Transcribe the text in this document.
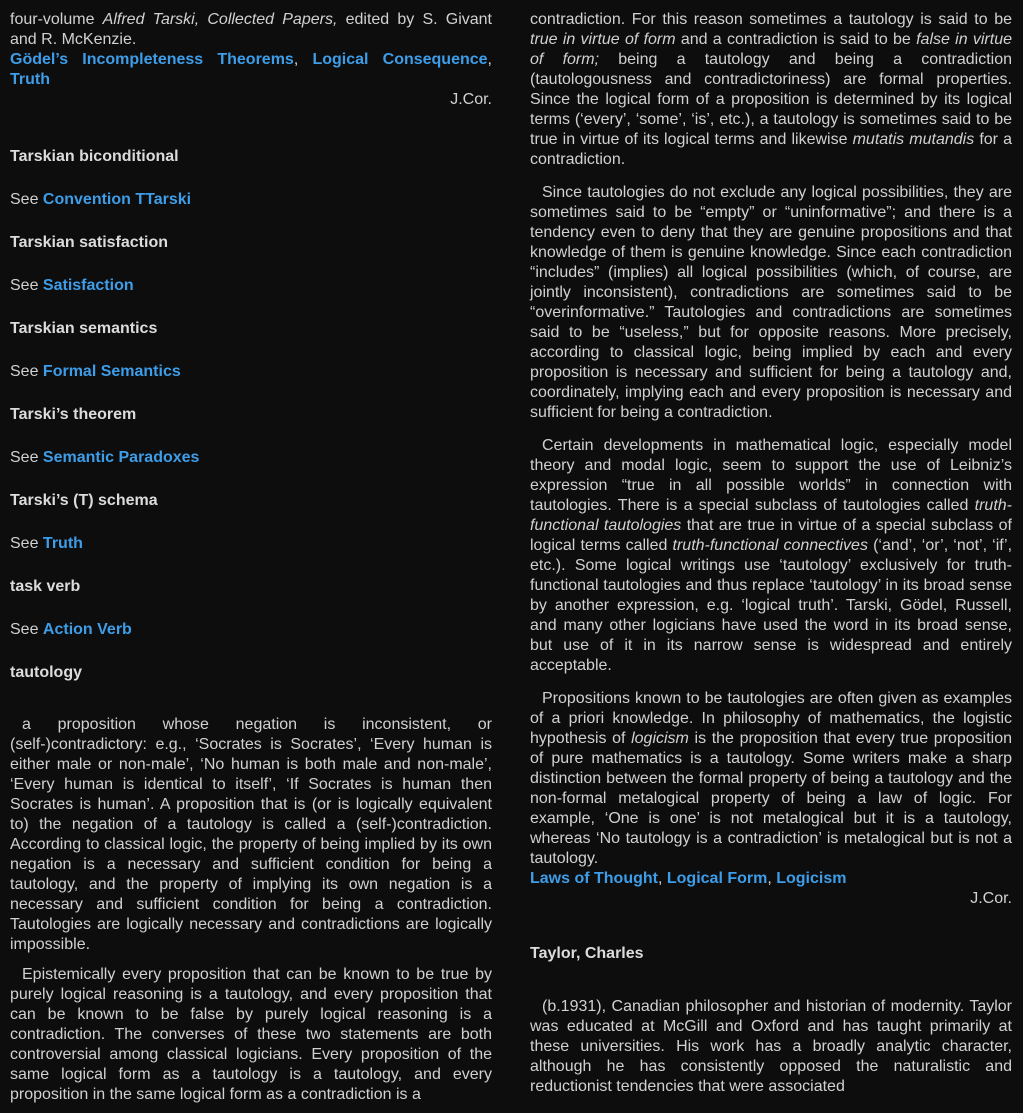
four-volume Alfred Tarski, Collected Papers, edited by S. Givant and R. McKenzie.
Gödel’s Incompleteness Theorems, Logical Consequence, Truth
J.Cor.
Tarskian biconditional
See Convention TTarski
Tarskian satisfaction
See Satisfaction
Tarskian semantics
See Formal Semantics
Tarski’s theorem
See Semantic Paradoxes
Tarski’s (T) schema
See Truth
task verb
See Action Verb
tautology
a proposition whose negation is inconsistent, or (self-)contradictory: e.g., ‘Socrates is Socrates’, ‘Every human is either male or non-male’, ‘No human is both male and non-male’, ‘Every human is identical to itself’, ‘If Socrates is human then Socrates is human’. A proposition that is (or is logically equivalent to) the negation of a tautology is called a (self-)contradiction. According to classical logic, the property of being implied by its own negation is a necessary and sufficient condition for being a tautology, and the property of implying its own negation is a necessary and sufficient condition for being a contradiction. Tautologies are logically necessary and contradictions are logically impossible.
Epistemically every proposition that can be known to be true by purely logical reasoning is a tautology, and every proposition that can be known to be false by purely logical reasoning is a contradiction. The converses of these two statements are both controversial among classical logicians. Every proposition of the same logical form as a tautology is a tautology, and every proposition in the same logical form as a contradiction is a
contradiction. For this reason sometimes a tautology is said to be true in virtue of form and a contradiction is said to be false in virtue of form; being a tautology and being a contradiction (tautologousness and contradictoriness) are formal properties. Since the logical form of a proposition is determined by its logical terms (‘every’, ‘some’, ‘is’, etc.), a tautology is sometimes said to be true in virtue of its logical terms and likewise mutatis mutandis for a contradiction.
Since tautologies do not exclude any logical possibilities, they are sometimes said to be “empty” or “uninformative”; and there is a tendency even to deny that they are genuine propositions and that knowledge of them is genuine knowledge. Since each contradiction “includes” (implies) all logical possibilities (which, of course, are jointly inconsistent), contradictions are sometimes said to be “overinformative.” Tautologies and contradictions are sometimes said to be “useless,” but for opposite reasons. More precisely, according to classical logic, being implied by each and every proposition is necessary and sufficient for being a tautology and, coordinately, implying each and every proposition is necessary and sufficient for being a contradiction.
Certain developments in mathematical logic, especially model theory and modal logic, seem to support the use of Leibniz’s expression “true in all possible worlds” in connection with tautologies. There is a special subclass of tautologies called truth-functional tautologies that are true in virtue of a special subclass of logical terms called truth-functional connectives (‘and’, ‘or’, ‘not’, ‘if’, etc.). Some logical writings use ‘tautology’ exclusively for truth-functional tautologies and thus replace ‘tautology’ in its broad sense by another expression, e.g. ‘logical truth’. Tarski, Gödel, Russell, and many other logicians have used the word in its broad sense, but use of it in its narrow sense is widespread and entirely acceptable.
Propositions known to be tautologies are often given as examples of a priori knowledge. In philosophy of mathematics, the logistic hypothesis of logicism is the proposition that every true proposition of pure mathematics is a tautology. Some writers make a sharp distinction between the formal property of being a tautology and the non-formal metalogical property of being a law of logic. For example, ‘One is one’ is not metalogical but it is a tautology, whereas ‘No tautology is a contradiction’ is metalogical but is not a tautology.
Laws of Thought, Logical Form, Logicism
J.Cor.
Taylor, Charles
(b.1931), Canadian philosopher and historian of modernity. Taylor was educated at McGill and Oxford and has taught primarily at these universities. His work has a broadly analytic character, although he has consistently opposed the naturalistic and reductionist tendencies that were associated
